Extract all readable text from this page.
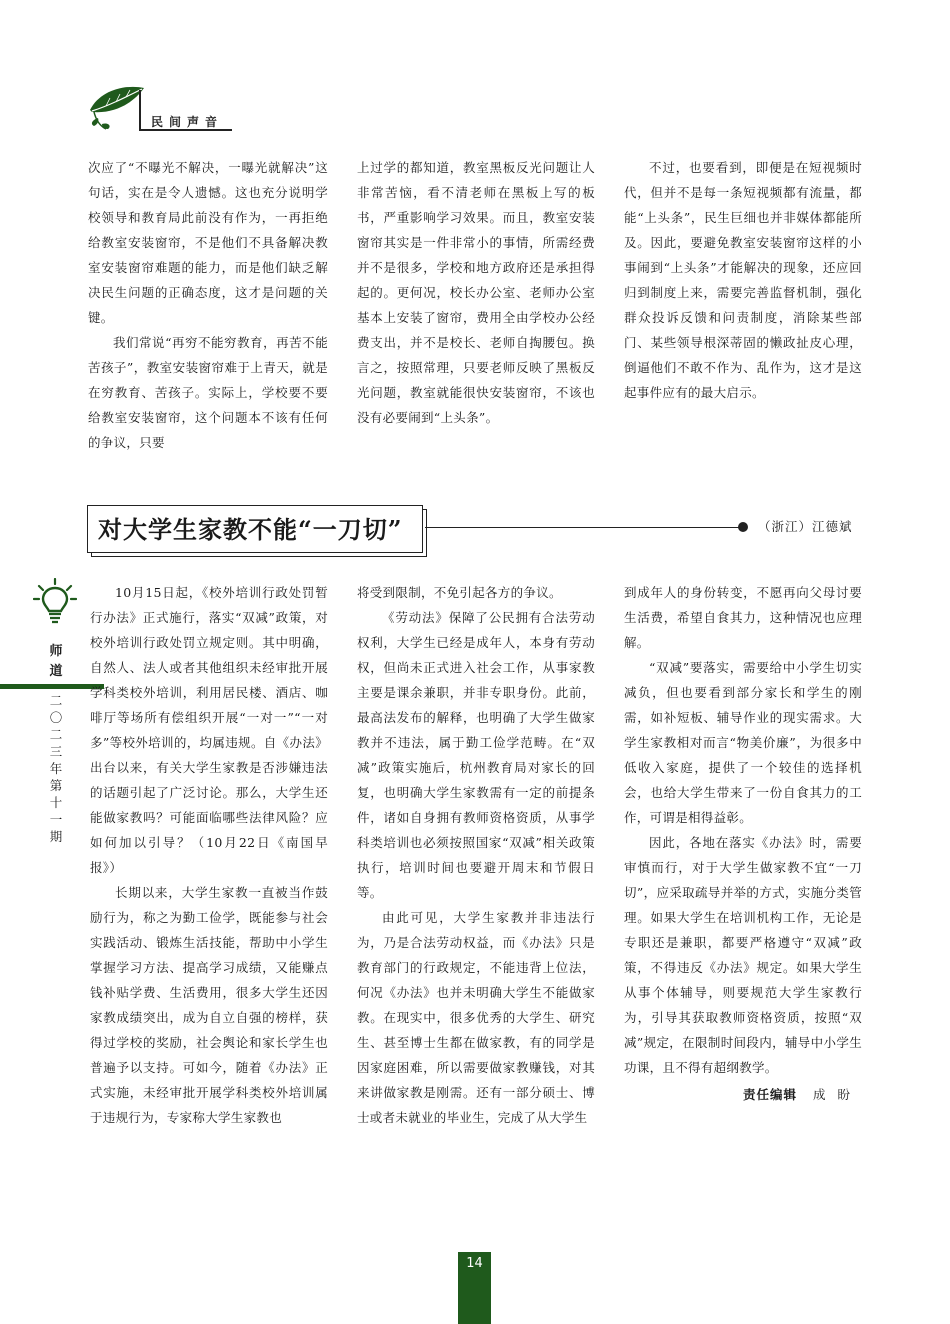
民间声音

次应了“不曝光不解决，一曝光就解决”这句话，实在是令人遗憾。这也充分说明学校领导和教育局此前没有作为，一再拒绝给教室安装窗帘，不是他们不具备解决教室安装窗帘难题的能力，而是他们缺乏解决民生问题的正确态度，这才是问题的关键。

我们常说“再穷不能穷教育，再苦不能苦孩子”，教室安装窗帘难于上青天，就是在穷教育、苦孩子。实际上，学校要不要给教室安装窗帘，这个问题本不该有任何的争议，只要

上过学的都知道，教室黑板反光问题让人非常苦恼，看不清老师在黑板上写的板书，严重影响学习效果。而且，教室安装窗帘其实是一件非常小的事情，所需经费并不是很多，学校和地方政府还是承担得起的。更何况，校长办公室、老师办公室基本上安装了窗帘，费用全由学校办公经费支出，并不是校长、老师自掏腰包。换言之，按照常理，只要老师反映了黑板反光问题，教室就能很快安装窗帘，不该也没有必要闹到“上头条”。

不过，也要看到，即便是在短视频时代，但并不是每一条短视频都有流量，都能“上头条”，民生巨细也并非媒体都能所及。因此，要避免教室安装窗帘这样的小事闹到“上头条”才能解决的现象，还应回归到制度上来，需要完善监督机制，强化群众投诉反馈和问责制度，消除某些部门、某些领导根深蒂固的懒政扯皮心理，倒逼他们不敢不作为、乱作为，这才是这起事件应有的最大启示。

对大学生家教不能“一刀切”	（浙江）江德斌
师道
二〇二三年第十一期

10月15日起，《校外培训行政处罚暂行办法》正式施行，落实“双减”政策，对校外培训行政处罚立规定则。其中明确，自然人、法人或者其他组织未经审批开展学科类校外培训，利用居民楼、酒店、咖啡厅等场所有偿组织开展“一对一”“一对多”等校外培训的，均属违规。自《办法》出台以来，有关大学生家教是否涉嫌违法的话题引起了广泛讨论。那么，大学生还能做家教吗？可能面临哪些法律风险？应如何加以引导？（10月22日《南国早报》）

长期以来，大学生家教一直被当作鼓励行为，称之为勤工俭学，既能参与社会实践活动、锻炼生活技能，帮助中小学生掌握学习方法、提高学习成绩，又能赚点钱补贴学费、生活费用，很多大学生还因家教成绩突出，成为自立自强的榜样，获得过学校的奖励，社会舆论和家长学生也普遍予以支持。可如今，随着《办法》正式实施，未经审批开展学科类校外培训属于违规行为，专家称大学生家教也

将受到限制，不免引起各方的争议。

《劳动法》保障了公民拥有合法劳动权利，大学生已经是成年人，本身有劳动权，但尚未正式进入社会工作，从事家教主要是课余兼职，并非专职身份。此前，最高法发布的解释，也明确了大学生做家教并不违法，属于勤工俭学范畴。在“双减”政策实施后，杭州教育局对家长的回复，也明确大学生家教需有一定的前提条件，诸如自身拥有教师资格资质，从事学科类培训也必须按照国家“双减”相关政策执行，培训时间也要避开周末和节假日等。

由此可见，大学生家教并非违法行为，乃是合法劳动权益，而《办法》只是教育部门的行政规定，不能违背上位法，何况《办法》也并未明确大学生不能做家教。在现实中，很多优秀的大学生、研究生、甚至博士生都在做家教，有的同学是因家庭困难，所以需要做家教赚钱，对其来讲做家教是刚需。还有一部分硕士、博士或者未就业的毕业生，完成了从大学生

到成年人的身份转变，不愿再向父母讨要生活费，希望自食其力，这种情况也应理解。

“双减”要落实，需要给中小学生切实减负，但也要看到部分家长和学生的刚需，如补短板、辅导作业的现实需求。大学生家教相对而言“物美价廉”，为很多中低收入家庭，提供了一个较佳的选择机会，也给大学生带来了一份自食其力的工作，可谓是相得益彰。

因此，各地在落实《办法》时，需要审慎而行，对于大学生做家教不宜“一刀切”，应采取疏导并举的方式，实施分类管理。如果大学生在培训机构工作，无论是专职还是兼职，都要严格遵守“双减”政策，不得违反《办法》规定。如果大学生从事个体辅导，则要规范大学生家教行为，引导其获取教师资格资质，按照“双减”规定，在限制时间段内，辅导中小学生功课，且不得有超纲教学。

责任编辑 成盼
14
